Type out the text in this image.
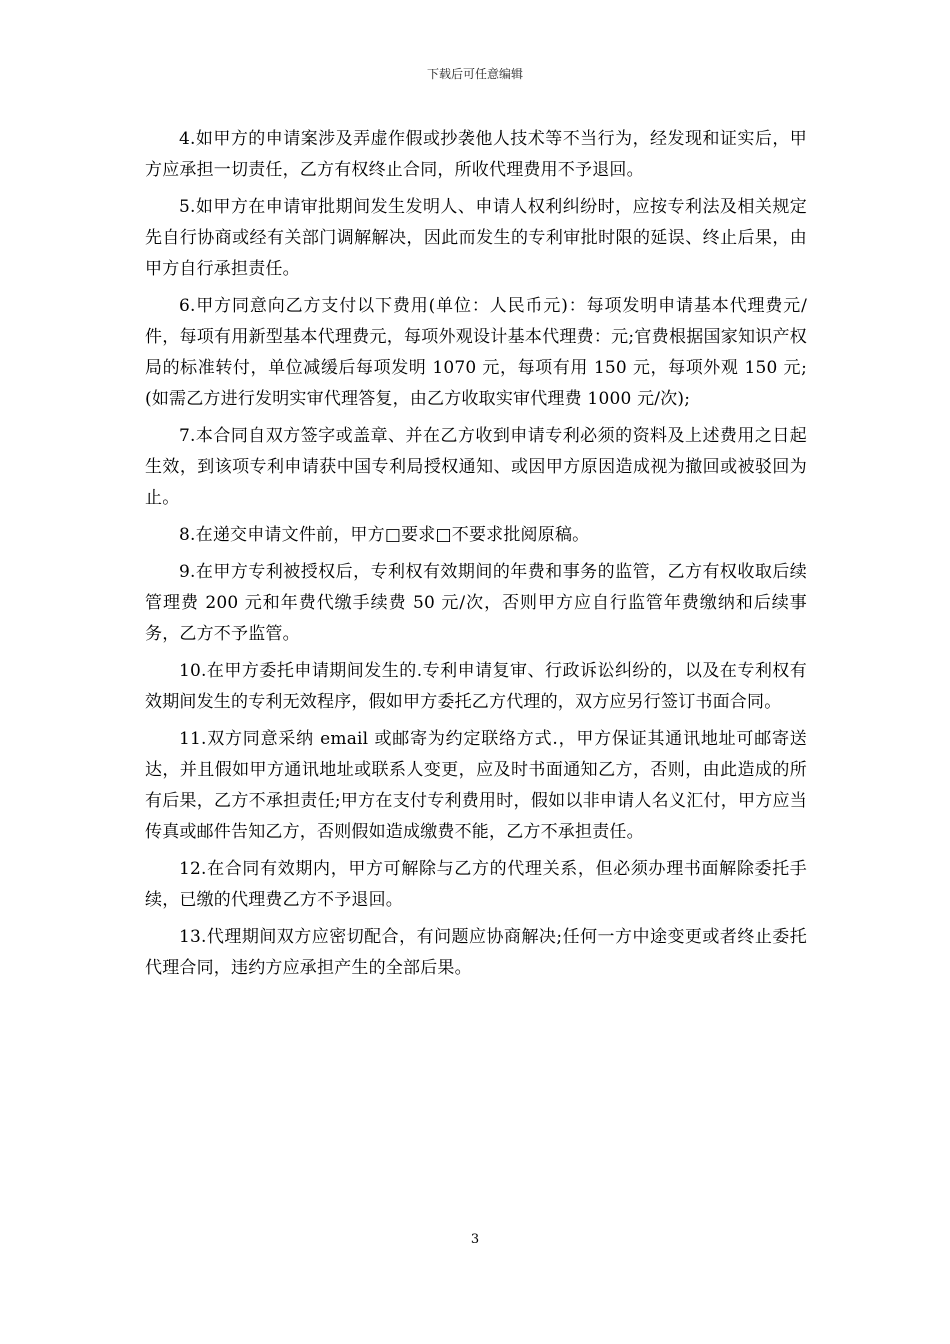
下载后可任意编辑

4.如甲方的申请案涉及弄虚作假或抄袭他人技术等不当行为，经发现和证实后，甲方应承担一切责任，乙方有权终止合同，所收代理费用不予退回。

5.如甲方在申请审批期间发生发明人、申请人权利纠纷时，应按专利法及相关规定先自行协商或经有关部门调解解决，因此而发生的专利审批时限的延误、终止后果，由甲方自行承担责任。

6.甲方同意向乙方支付以下费用(单位：人民币元)：每项发明申请基本代理费元/件，每项有用新型基本代理费元，每项外观设计基本代理费：元;官费根据国家知识产权局的标准转付，单位减缓后每项发明 1070 元，每项有用 150 元，每项外观 150 元;(如需乙方进行发明实审代理答复，由乙方收取实审代理费 1000 元/次);

7.本合同自双方签字或盖章、并在乙方收到申请专利必须的资料及上述费用之日起生效，到该项专利申请获中国专利局授权通知、或因甲方原因造成视为撤回或被驳回为止。

8.在递交申请文件前，甲方□要求□不要求批阅原稿。

9.在甲方专利被授权后，专利权有效期间的年费和事务的监管，乙方有权收取后续管理费 200 元和年费代缴手续费 50 元/次，否则甲方应自行监管年费缴纳和后续事务，乙方不予监管。

10.在甲方委托申请期间发生的.专利申请复审、行政诉讼纠纷的，以及在专利权有效期间发生的专利无效程序，假如甲方委托乙方代理的，双方应另行签订书面合同。

11.双方同意采纳 email 或邮寄为约定联络方式.，甲方保证其通讯地址可邮寄送达，并且假如甲方通讯地址或联系人变更，应及时书面通知乙方，否则，由此造成的所有后果，乙方不承担责任;甲方在支付专利费用时，假如以非申请人名义汇付，甲方应当传真或邮件告知乙方，否则假如造成缴费不能，乙方不承担责任。

12.在合同有效期内，甲方可解除与乙方的代理关系，但必须办理书面解除委托手续，已缴的代理费乙方不予退回。

13.代理期间双方应密切配合，有问题应协商解决;任何一方中途变更或者终止委托代理合同，违约方应承担产生的全部后果。

3
